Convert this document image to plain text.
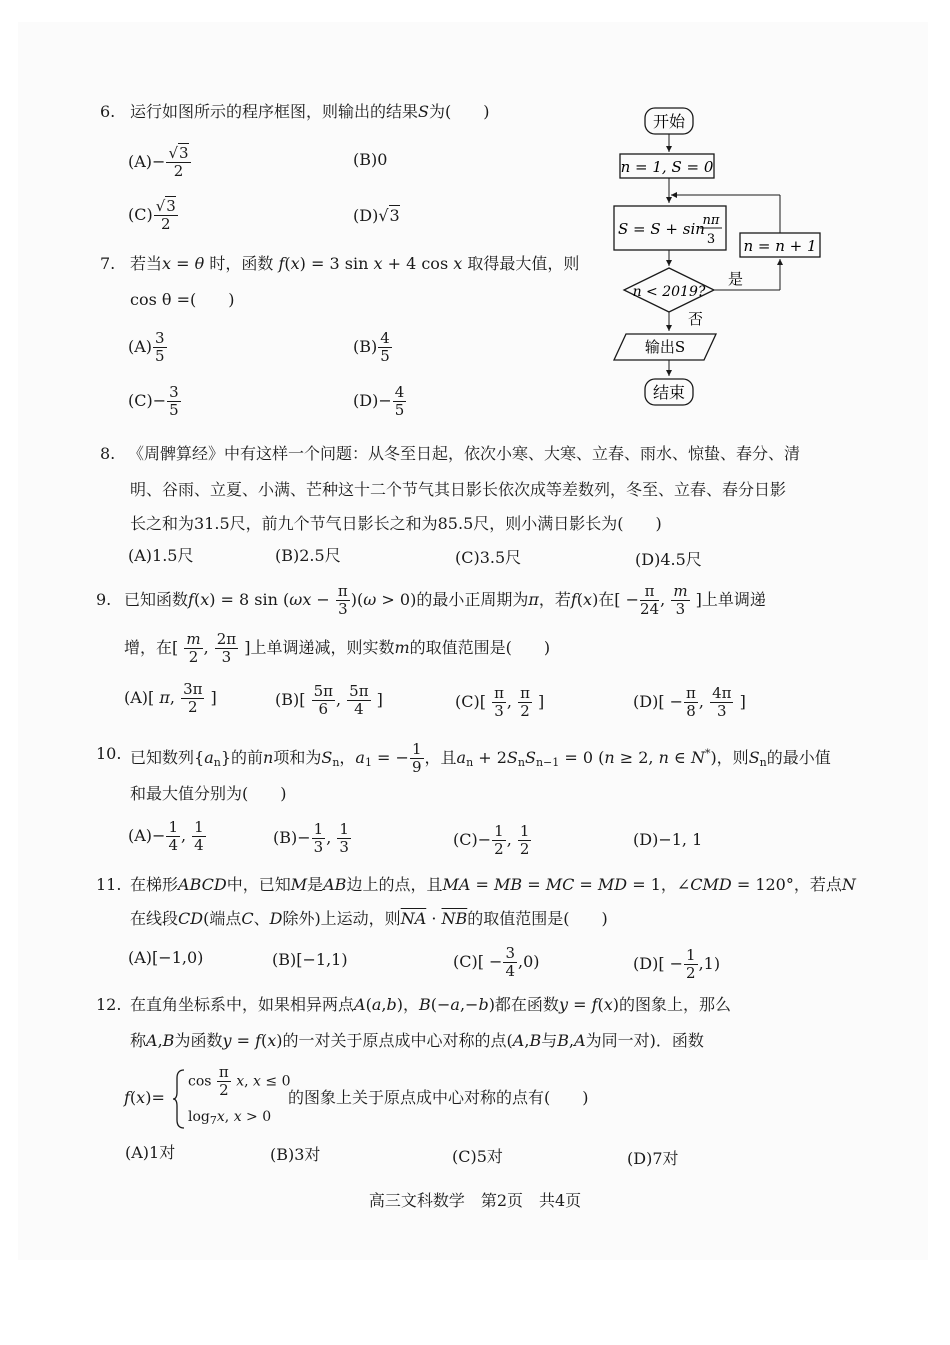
6. 运行如图所示的程序框图，则输出的结果S为(　　)
$(A)- \frac{√3}{2}$	(B)0
$(C) \frac{√3}{2}$	(D)√3
7. 若当x = θ 时，函数 f(x) = 3 sin x + 4 cos x 取得最大值，则
cos θ =(　　)
$(A) \frac{3}{5}$	$(B) \frac{4}{5}$
$(C)- \frac{3}{5}$	$(D)- \frac{4}{5}$
开始
n = 1, S = 0
S = S + sin
nπ
3
n < 2019?
是
n = n + 1
否
输出S
结束
8. 《周髀算经》中有这样一个问题：从冬至日起，依次小寒、大寒、立春、雨水、惊蛰、春分、清
明、谷雨、立夏、小满、芒种这十二个节气其日影长依次成等差数列，冬至、立春、春分日影
长之和为31.5尺，前九个节气日影长之和为85.5尺，则小满日影长为(　　)
(A)1.5尺	(B)2.5尺	(C)3.5尺	(D)4.5尺
9. 已知函数f(x) = 8 $\sin (\omega x - \frac{\pi}{3} )(\omega > 0)$的最小正周期为π，若f(x)在[ − $\frac{\pi}{24}$ , $\frac{m}{3}$ ]上单调递
增，在[ $\frac{m}{2}$ , $\frac{2\pi}{3}$ ]上单调递减，则实数m的取值范围是(　　)
(A)[ π, $\frac{3\pi}{2}$ ]	$(B)[ \frac{5\pi}{6}$ , $\frac{5\pi}{4}$ ]	$(C)[ \frac{\pi}{3}$ , $\frac{\pi}{2}$ ]	$(D)[ - \frac{\pi}{8}$ , $\frac{4\pi}{3}$ ]
10. 已知数列$\{a_n\}$的前n项和为$S_n$，$a_1$ = − $\frac{1}{9}$ ，且$a_n + 2S_nS_{n-1} = 0$ (n ≥ 2, n ∈ N*)，则$S_n$的最小值
和最大值分别为(　　)
$(A)- \frac{1}{4}$ , $\frac{1}{4}$	$(B)- \frac{1}{3}$ , $\frac{1}{3}$	$(C)- \frac{1}{2}$ , $\frac{1}{2}$	(D)−1, 1
11. 在梯形ABCD中，已知M是AB边上的点，且MA = MB = MC = MD = 1，∠CMD = 120°，若点N
在线段CD(端点C、D除外)上运动，则$\overline{NA} \cdot \overline{NB}$的取值范围是(　　)
(A)[−1,0)	(B)[−1,1)	$(C)[ - \frac{3}{4} ,0)$	$(D)[ - \frac{1}{2} ,1)$
12. 在直角坐标系中，如果相异两点A(a,b)，B(−a,−b)都在函数y = f(x)的图象上，那么
称A,B为函数y = f(x)的一对关于原点成中心对称的点(A,B与B,A为同一对)．函数
f(x)=
$\cos \frac{\pi}{2} x$, x ≤ 0
$\log_7x$, x > 0
的图象上关于原点成中心对称的点有(　　)
(A)1对	(B)3对	(C)5对	(D)7对
高三文科数学　第2页　共4页
